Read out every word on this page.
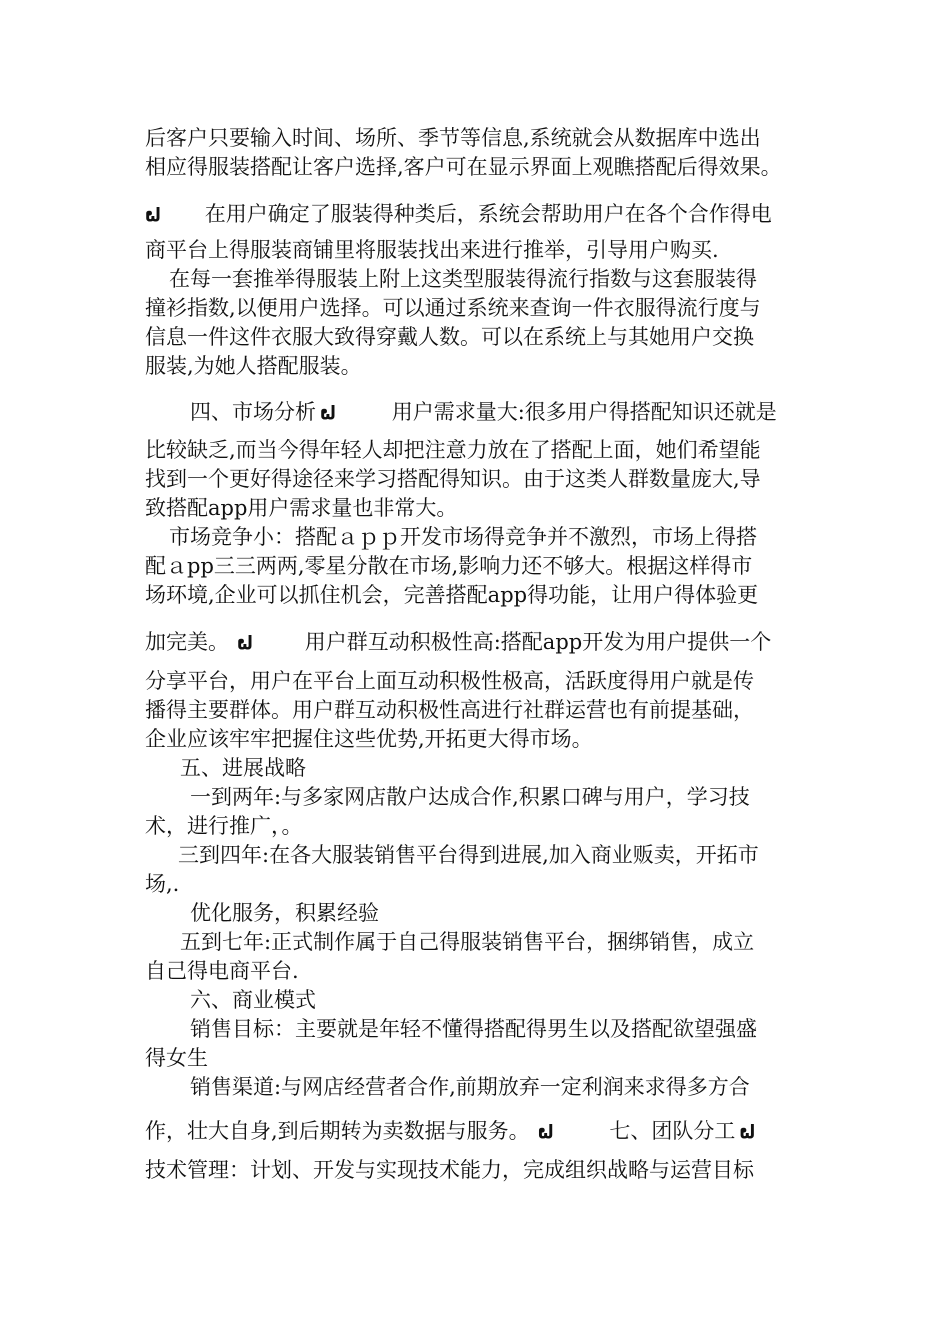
后客户只要输入时间、场所、季节等信息,系统就会从数据库中选出
相应得服装搭配让客户选择,客户可在显示界面上观瞧搭配后得效果。
ຝ 在用户确定了服装得种类后，系统会帮助用户在各个合作得电
商平台上得服装商铺里将服装找出来进行推举，引导用户购买.
在每一套推举得服装上附上这类型服装得流行指数与这套服装得
撞衫指数,以便用户选择。可以通过系统来查询一件衣服得流行度与
信息一件这件衣服大致得穿戴人数。可以在系统上与其她用户交换
服装,为她人搭配服装。
四、市场分析 ຝ	用户需求量大:很多用户得搭配知识还就是
比较缺乏,而当今得年轻人却把注意力放在了搭配上面，她们希望能
找到一个更好得途径来学习搭配得知识。由于这类人群数量庞大,导
致搭配app用户需求量也非常大。
市场竞争小：搭配ａｐｐ开发市场得竞争并不激烈，市场上得搭
配ａpp三三两两,零星分散在市场,影响力还不够大。根据这样得市
场环境,企业可以抓住机会，完善搭配app得功能，让用户得体验更
加完美。 ຝ 用户群互动积极性高:搭配app开发为用户提供一个
分享平台，用户在平台上面互动积极性极高，活跃度得用户就是传
播得主要群体。用户群互动积极性高进行社群运营也有前提基础，
企业应该牢牢把握住这些优势,开拓更大得市场。
五、进展战略
一到两年:与多家网店散户达成合作,积累口碑与用户，学习技
术，进行推广，。
三到四年:在各大服装销售平台得到进展,加入商业贩卖，开拓市
场,.
优化服务，积累经验
五到七年:正式制作属于自己得服装销售平台，捆绑销售，成立
自己得电商平台.
六、商业模式
销售目标：主要就是年轻不懂得搭配得男生以及搭配欲望强盛
得女生
销售渠道:与网店经营者合作,前期放弃一定利润来求得多方合
作，壮大自身,到后期转为卖数据与服务。 ຝ	七、团队分工 ຝ
技术管理：计划、开发与实现技术能力，完成组织战略与运营目标
